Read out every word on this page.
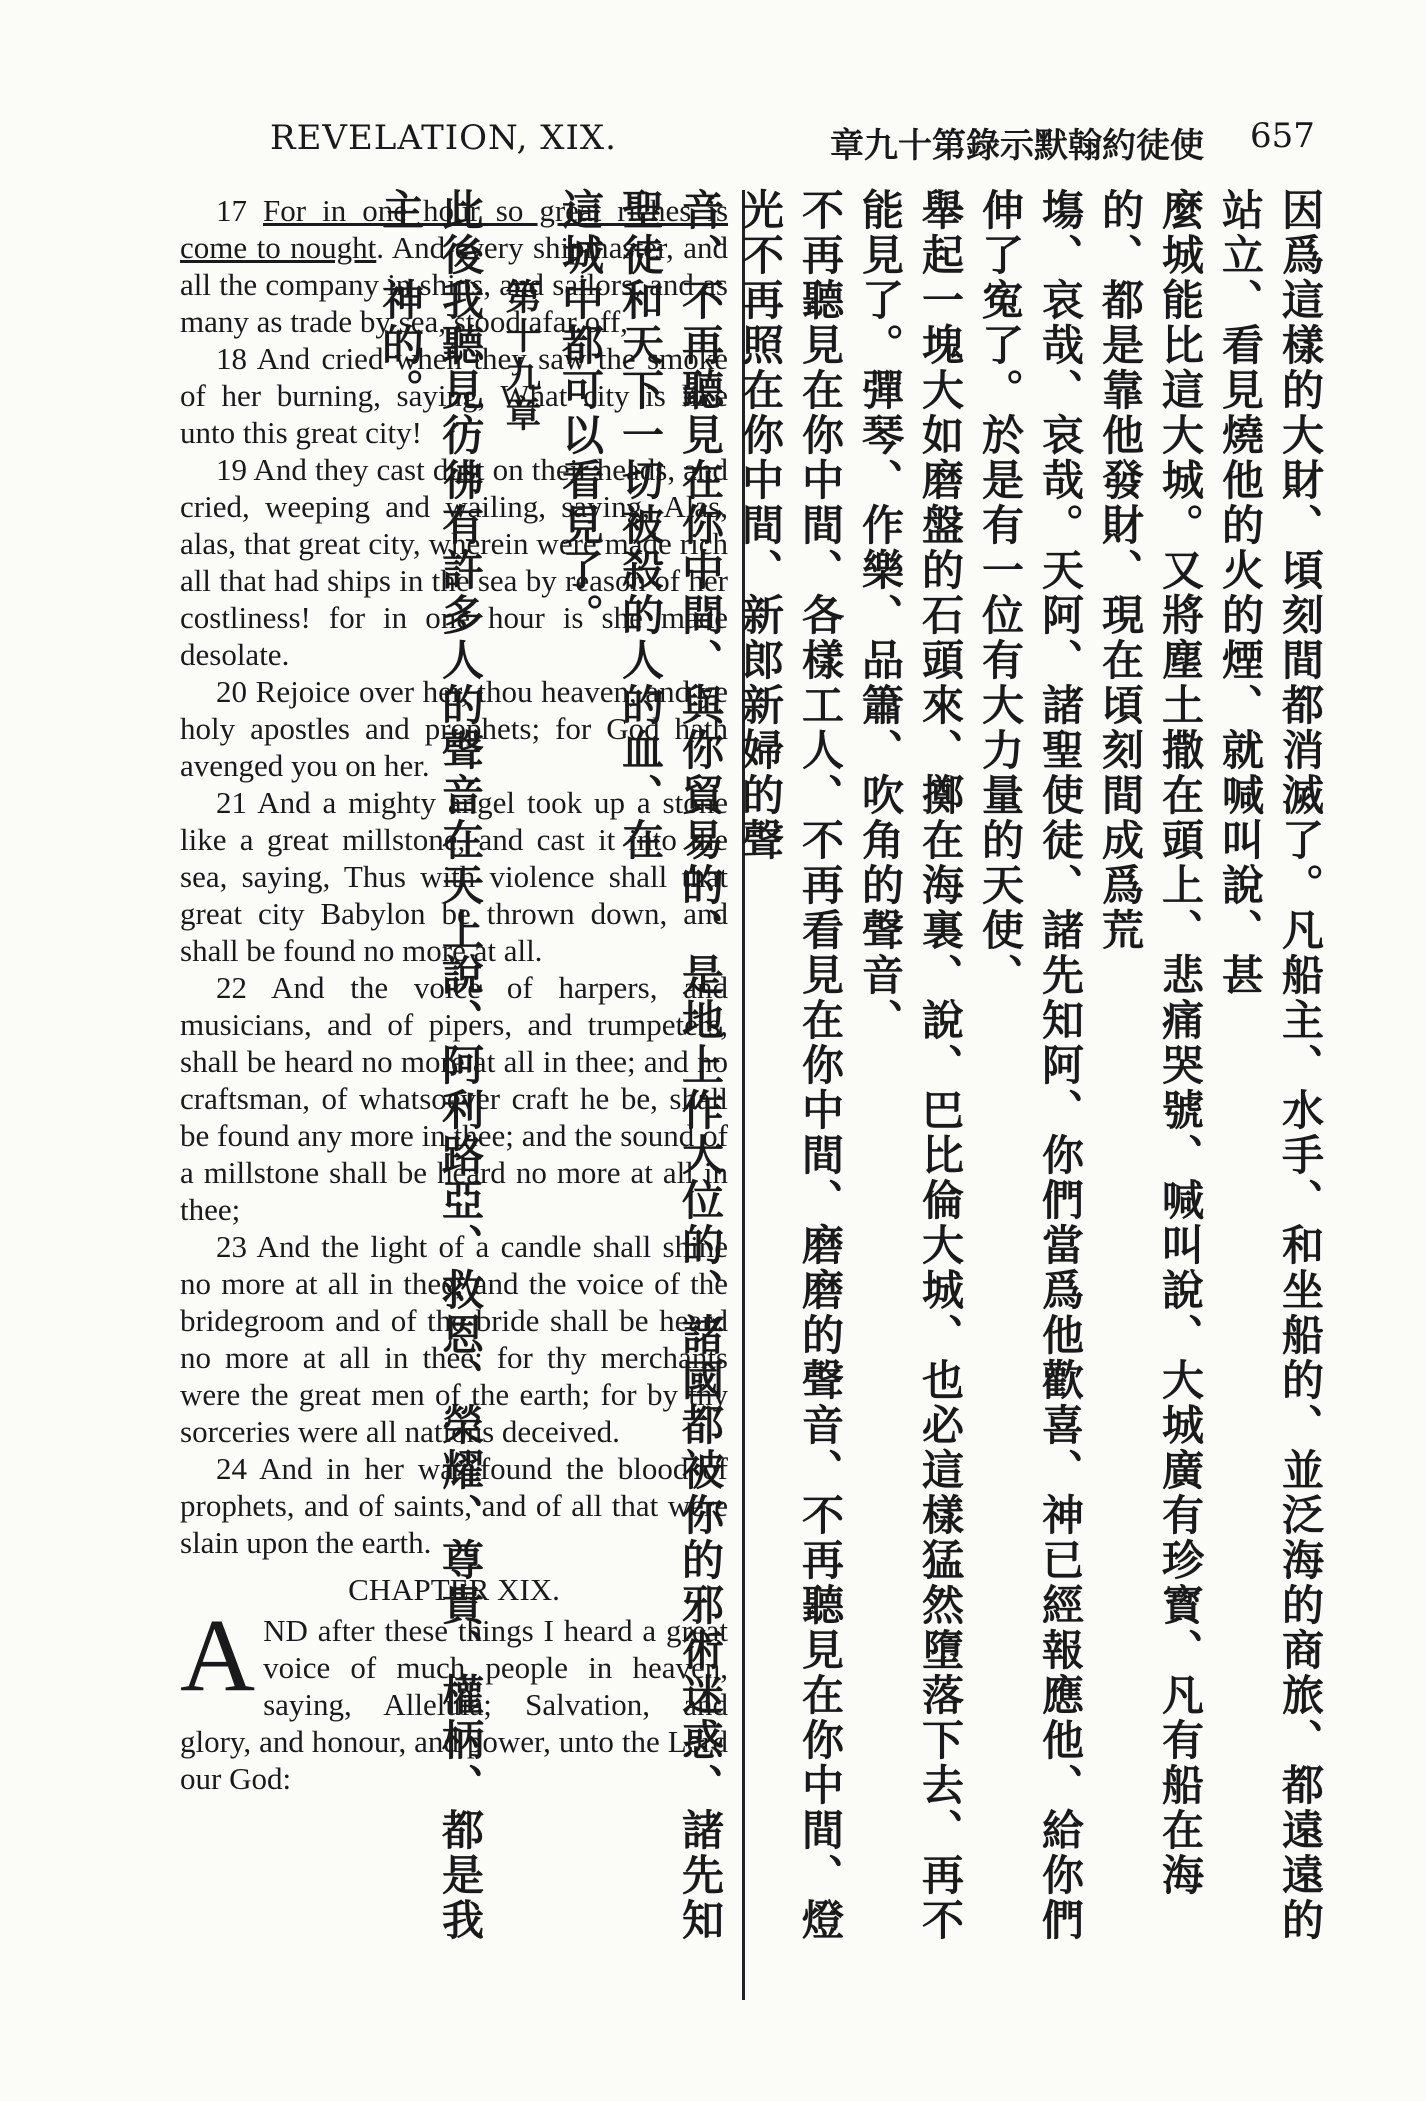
REVELATION, XIX.	章九十第錄示默翰約徒使 657

17 For in one hour so great riches is come to nought. And every shipmaster, and all the company in ships, and sailors, and as many as trade by sea, stood afar off,

18 And cried when they saw the smoke of her burning, saying, What city is like unto this great city!

19 And they cast dust on their heads, and cried, weeping and wailing, saying, Alas, alas, that great city, wherein were made rich all that had ships in the sea by reason of her costliness! for in one hour is she made desolate.

20 Rejoice over her, thou heaven, and ye holy apostles and prophets; for God hath avenged you on her.

21 And a mighty angel took up a stone like a great millstone, and cast it into the sea, saying, Thus with violence shall that great city Babylon be thrown down, and shall be found no more at all.

22 And the voice of harpers, and musicians, and of pipers, and trumpeters, shall be heard no more at all in thee; and no craftsman, of whatsoever craft he be, shall be found any more in thee; and the sound of a millstone shall be heard no more at all in thee;

23 And the light of a candle shall shine no more at all in thee; and the voice of the bridegroom and of the bride shall be heard no more at all in thee: for thy merchants were the great men of the earth; for by thy sorceries were all nations deceived.

24 And in her was found the blood of prophets, and of saints, and of all that were slain upon the earth.

CHAPTER XIX.

AND after these things I heard a great voice of much people in heaven, saying, Alleluia; Salvation, and glory, and honour, and power, unto the Lord our God:	因爲這樣的大財、頃刻間都消滅了。凡船主、水手、和坐船的、並泛海的商旅、都遠遠的站立、看見燒他的火的煙、就喊叫說、甚

麼城能比這大城。又將塵土撒在頭上、悲痛哭號、喊叫說、大城廣有珍寳、凡有船在海的、都是靠他發財、現在頃刻間成爲荒

塲、哀哉、哀哉。天阿、諸聖使徒、諸先知阿、你們當爲他歡喜、神已經報應他、給你們伸了寃了。於是有一位有大力量的天使、

舉起一塊大如磨盤的石頭來、擲在海裏、說、巴比倫大城、也必這樣猛然墮落下去、再不能見了。彈琴、作樂、品簫、吹角的聲音、

不再聽見在你中間、各樣工人、不再看見在你中間、磨磨的聲音、不再聽見在你中間、燈光不再照在你中間、新郎新婦的聲

音、不再聽見在你中間、與你貿易的、是地上作大位的、諸國都被你的邪術迷惑、諸先知聖徒和天下一切被殺的人的血、在

這城中都可以看見了。

第十九章

此後我聽見彷彿有許多人的聲音在天上說、阿利路亞、救恩、榮耀、尊貴、權柄、都是我　主　神的。
